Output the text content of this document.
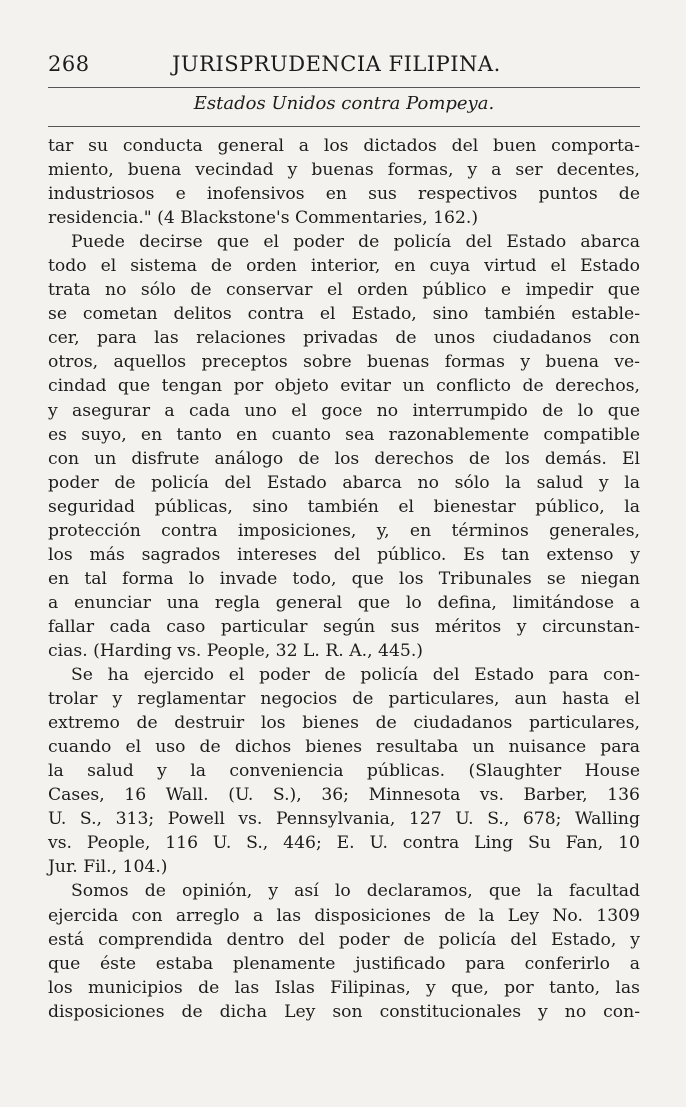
268	JURISPRUDENCIA FILIPINA.
Estados Unidos contra Pompeya.
tar su conducta general a los dictados del buen comporta-
miento, buena vecindad y buenas formas, y a ser decentes,
industriosos e inofensivos en sus respectivos puntos de
residencia." (4 Blackstone's Commentaries, 162.)
Puede decirse que el poder de policía del Estado abarca
todo el sistema de orden interior, en cuya virtud el Estado
trata no sólo de conservar el orden público e impedir que
se cometan delitos contra el Estado, sino también estable-
cer, para las relaciones privadas de unos ciudadanos con
otros, aquellos preceptos sobre buenas formas y buena ve-
cindad que tengan por objeto evitar un conflicto de derechos,
y asegurar a cada uno el goce no interrumpido de lo que
es suyo, en tanto en cuanto sea razonablemente compatible
con un disfrute análogo de los derechos de los demás. El
poder de policía del Estado abarca no sólo la salud y la
seguridad públicas, sino también el bienestar público, la
protección contra imposiciones, y, en términos generales,
los más sagrados intereses del público. Es tan extenso y
en tal forma lo invade todo, que los Tribunales se niegan
a enunciar una regla general que lo defina, limitándose a
fallar cada caso particular según sus méritos y circunstan-
cias. (Harding vs. People, 32 L. R. A., 445.)
Se ha ejercido el poder de policía del Estado para con-
trolar y reglamentar negocios de particulares, aun hasta el
extremo de destruir los bienes de ciudadanos particulares,
cuando el uso de dichos bienes resultaba un nuisance para
la salud y la conveniencia públicas. (Slaughter House
Cases, 16 Wall. (U. S.), 36; Minnesota vs. Barber, 136
U. S., 313; Powell vs. Pennsylvania, 127 U. S., 678; Walling
vs. People, 116 U. S., 446; E. U. contra Ling Su Fan, 10
Jur. Fil., 104.)
Somos de opinión, y así lo declaramos, que la facultad
ejercida con arreglo a las disposiciones de la Ley No. 1309
está comprendida dentro del poder de policía del Estado, y
que éste estaba plenamente justificado para conferirlo a
los municipios de las Islas Filipinas, y que, por tanto, las
disposiciones de dicha Ley son constitucionales y no con-
